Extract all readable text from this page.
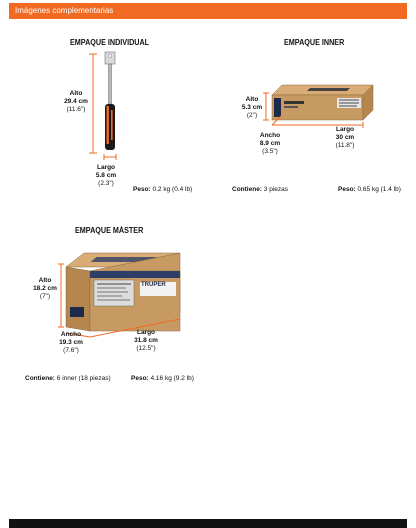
Imágenes complementarias
EMPAQUE INDIVIDUAL
Alto
29.4 cm
(11.6")
Largo
5.8 cm
(2.3")
Peso: 0.2 kg (0.4 lb)
EMPAQUE INNER
Alto
5.3 cm
(2")
Ancho
8.9 cm
(3.5")
Largo
30 cm
(11.8")
Contiene: 3 piezas	Peso: 0.65 kg (1.4 lb)
EMPAQUE MÁSTER
TRUPER
Alto
18.2 cm
(7")
Ancho
19.3 cm
(7.6")
Largo
31.8 cm
(12.5")
Contiene: 6 inner (18 piezas)	Peso: 4.16 kg (9.2 lb)
